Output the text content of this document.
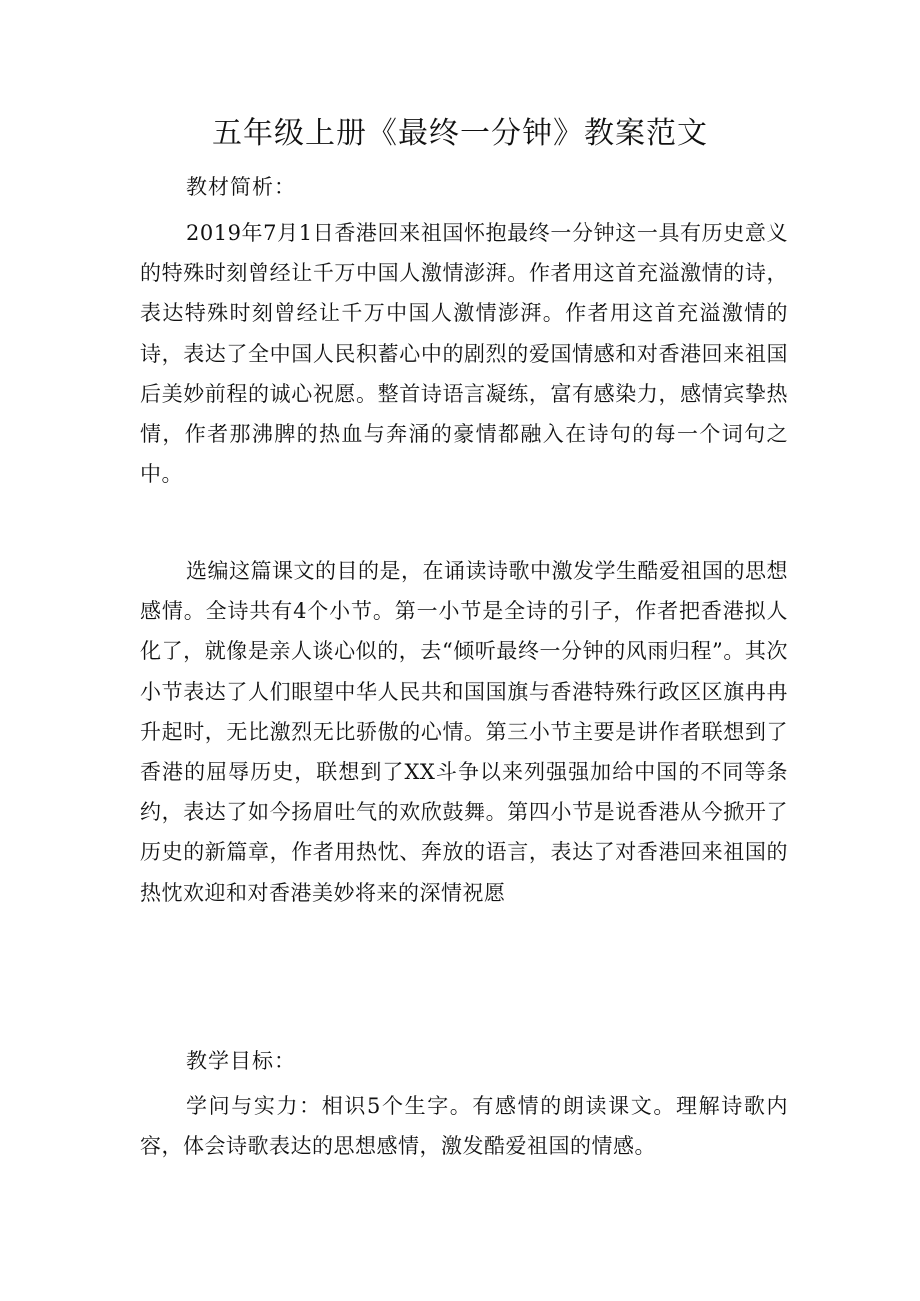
五年级上册《最终一分钟》教案范文
教材简析：
2019年7月1日香港回来祖国怀抱最终一分钟这一具有历史意义的特殊时刻曾经让千万中国人激情澎湃。作者用这首充溢激情的诗，表达特殊时刻曾经让千万中国人激情澎湃。作者用这首充溢激情的诗，表达了全中国人民积蓄心中的剧烈的爱国情感和对香港回来祖国后美妙前程的诚心祝愿。整首诗语言凝练，富有感染力，感情宾挚热情，作者那沸脾的热血与奔涌的豪情都融入在诗句的每一个词句之中。
选编这篇课文的目的是，在诵读诗歌中激发学生酷爱祖国的思想感情。全诗共有4个小节。第一小节是全诗的引子，作者把香港拟人化了，就像是亲人谈心似的，去“倾听最终一分钟的风雨归程”。其次小节表达了人们眼望中华人民共和国国旗与香港特殊行政区区旗冉冉升起时，无比激烈无比骄傲的心情。第三小节主要是讲作者联想到了香港的屈辱历史，联想到了XX斗争以来列强强加给中国的不同等条约，表达了如今扬眉吐气的欢欣鼓舞。第四小节是说香港从今掀开了历史的新篇章，作者用热忱、奔放的语言，表达了对香港回来祖国的热忱欢迎和对香港美妙将来的深情祝愿
教学目标：
学问与实力：相识5个生字。有感情的朗读课文。理解诗歌内容，体会诗歌表达的思想感情，激发酷爱祖国的情感。
